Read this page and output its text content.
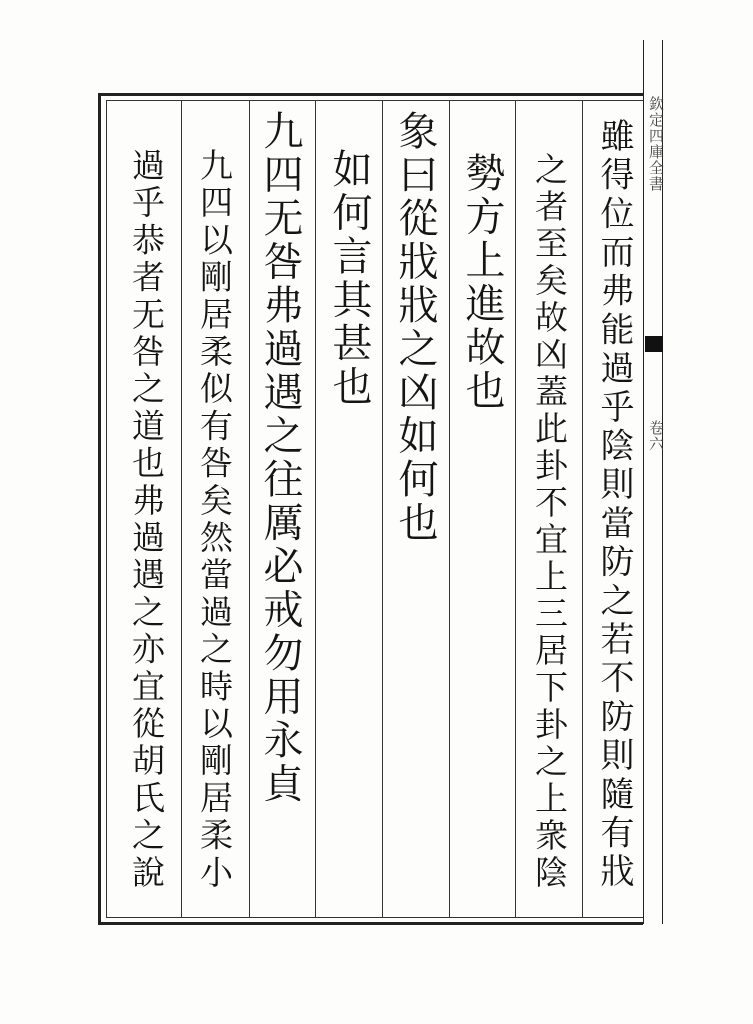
欽定四庫全書
卷六
雖得位而弗能過乎陰則當防之若不防則隨有戕
之者至矣故凶蓋此卦不宜上三居下卦之上衆陰
勢方上進故也
象曰從戕戕之凶如何也
如何言其甚也
九四无咎弗過遇之往厲必戒勿用永貞
九四以剛居柔似有咎矣然當過之時以剛居柔小
過乎恭者无咎之道也弗過遇之亦宜從胡氏之說
